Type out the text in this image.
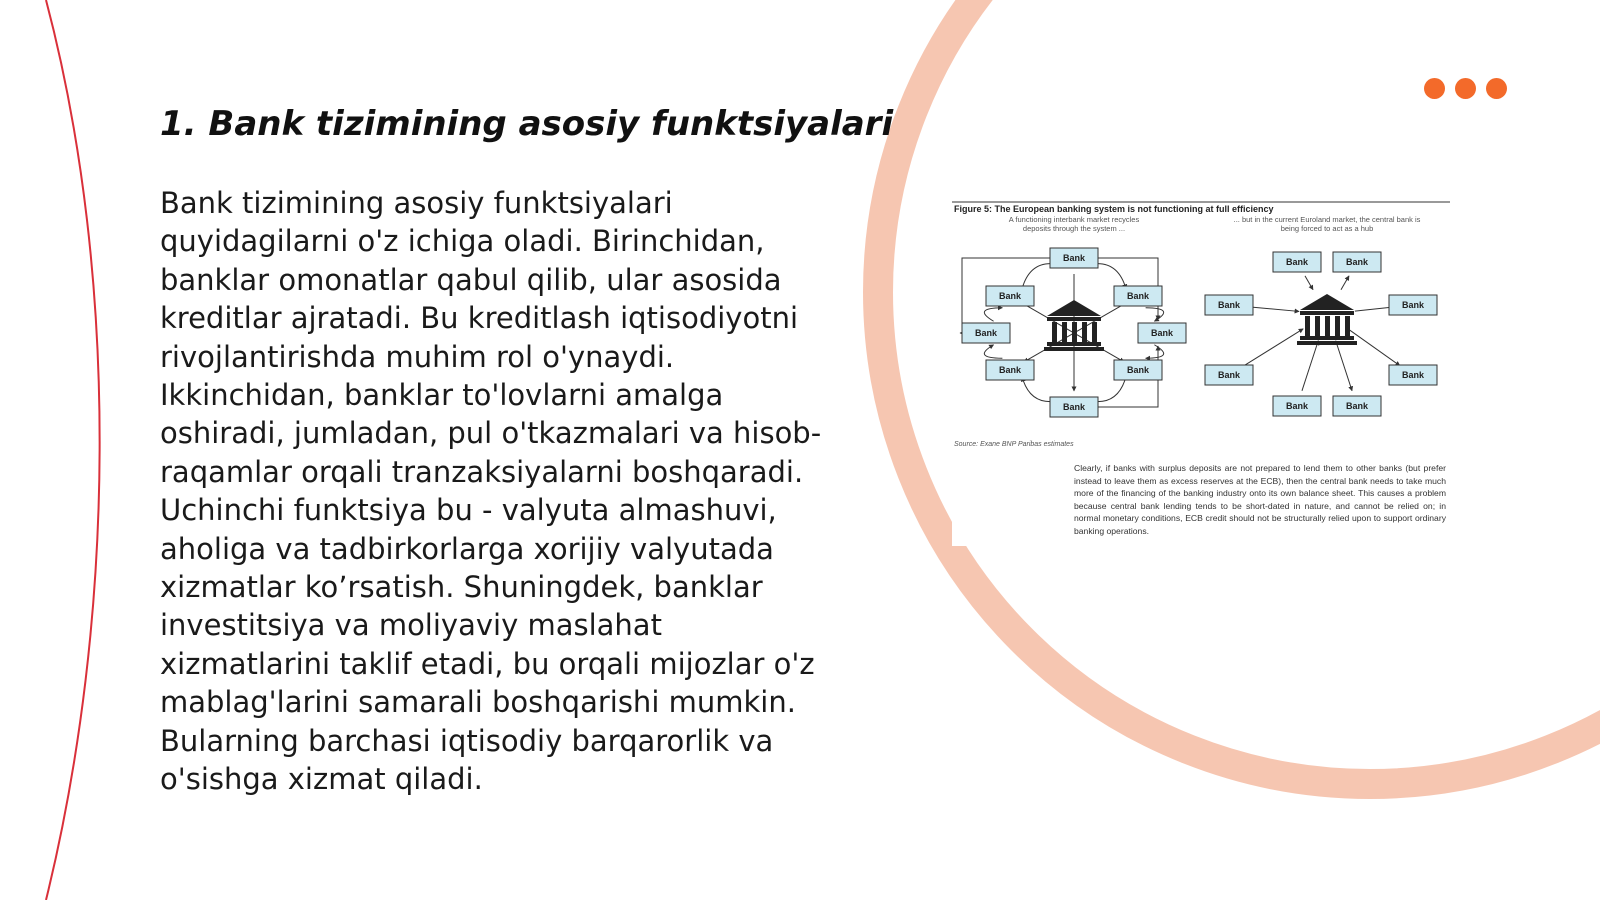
1. Bank tizimining asosiy funktsiyalari

Bank tizimining asosiy funktsiyalari quyidagilarni o'z ichiga oladi. Birinchidan, banklar omonatlar qabul qilib, ular asosida kreditlar ajratadi. Bu kreditlash iqtisodiyotni rivojlantirishda muhim rol o'ynaydi. Ikkinchidan, banklar to'lovlarni amalga oshiradi, jumladan, pul o'tkazmalari va hisob-raqamlar orqali tranzaksiyalarni boshqaradi. Uchinchi funktsiya bu - valyuta almashuvi, aholiga va tadbirkorlarga xorijiy valyutada xizmatlar ko’rsatish. Shuningdek, banklar investitsiya va moliyaviy maslahat xizmatlarini taklif etadi, bu orqali mijozlar o'z mablag'larini samarali boshqarishi mumkin. Bularning barchasi iqtisodiy barqarorlik va o'sishga xizmat qiladi.

Figure 5: The European banking system is not functioning at full efficiency
A functioning interbank market recycles
deposits through the system ...
... but in the current Euroland market, the central bank is
being forced to act as a hub
Bank
Bank	Bank
Bank	Bank
Bank	Bank
Bank
Bank	Bank
Bank	Bank
Bank	Bank
Bank	Bank
Source: Exane BNP Paribas estimates

Clearly, if banks with surplus deposits are not prepared to lend them to other banks (but prefer instead to leave them as excess reserves at the ECB), then the central bank needs to take much more of the financing of the banking industry onto its own balance sheet. This causes a problem because central bank lending tends to be short-dated in nature, and cannot be relied on; in normal monetary conditions, ECB credit should not be structurally relied upon to support ordinary banking operations.
